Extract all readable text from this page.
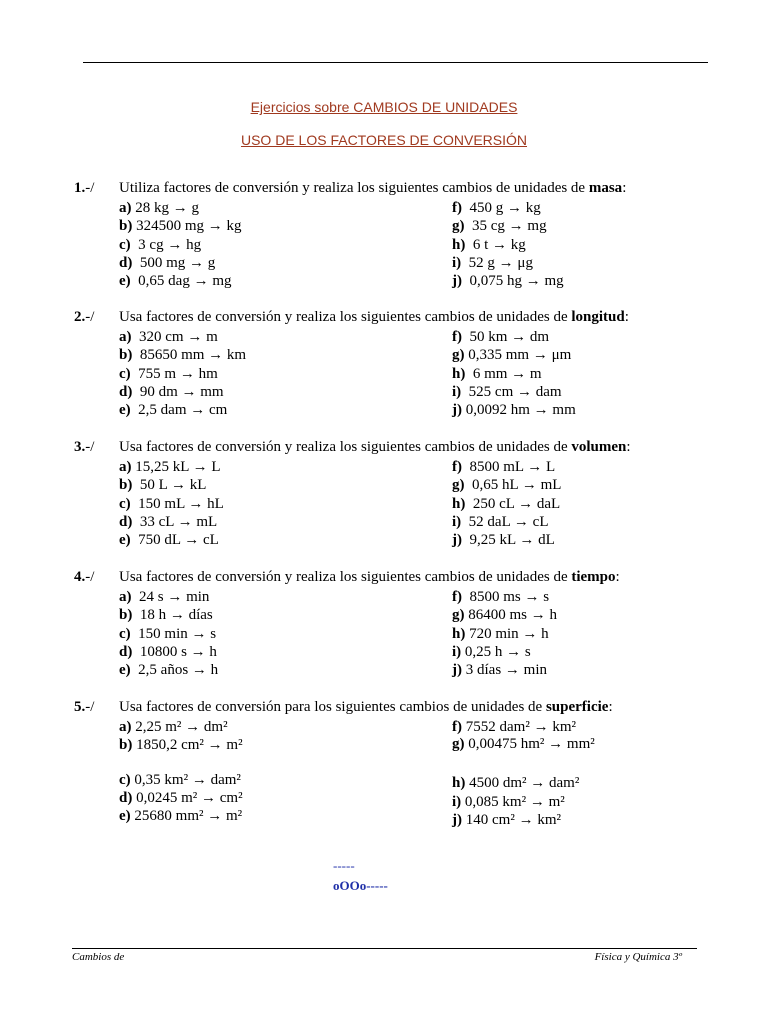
Ejercicios sobre CAMBIOS DE UNIDADES
USO DE LOS FACTORES DE CONVERSIÓN
1.-/ Utiliza factores de conversión y realiza los siguientes cambios de unidades de masa:
a) 28 kg → g
b) 324500 mg → kg
c)  3 cg → hg
d)  500 mg → g
e)  0,65 dag → mg
f)  450 g → kg
g)  35 cg → mg
h)  6 t → kg
i)  52 g → μg
j)  0,075 hg → mg
2.-/ Usa factores de conversión y realiza los siguientes cambios de unidades de longitud:
a)  320 cm → m
b)  85650 mm → km
c)  755 m → hm
d)  90 dm → mm
e)  2,5 dam → cm
f)  50 km → dm
g) 0,335 mm → μm
h)  6 mm → m
i)  525 cm → dam
j) 0,0092 hm → mm
3.-/ Usa factores de conversión y realiza los siguientes cambios de unidades de volumen:
a) 15,25 kL → L
b)  50 L → kL
c)  150 mL → hL
d)  33 cL → mL
e)  750 dL → cL
f)  8500 mL → L
g)  0,65 hL → mL
h)  250 cL → daL
i)  52 daL → cL
j)  9,25 kL → dL
4.-/ Usa factores de conversión y realiza los siguientes cambios de unidades de tiempo:
a)  24 s → min
b)  18 h → días
c)  150 min → s
d)  10800 s → h
e)  2,5 años → h
f)  8500 ms → s
g) 86400 ms → h
h) 720 min → h
i) 0,25 h → s
j) 3 días → min
5.-/ Usa factores de conversión para los siguientes cambios de unidades de superficie:
a) 2,25 m² → dm²
b) 1850,2 cm² → m²
c) 0,35 km² → dam²
d) 0,0245 m² → cm²
e) 25680 mm² → m²
f) 7552 dam² → km²
g) 0,00475 hm² → mm²
h) 4500 dm² → dam²
i) 0,085 km² → m²
j) 140 cm² → km²
-----
oOOo-----
Cambios de	Física y Química 3º
